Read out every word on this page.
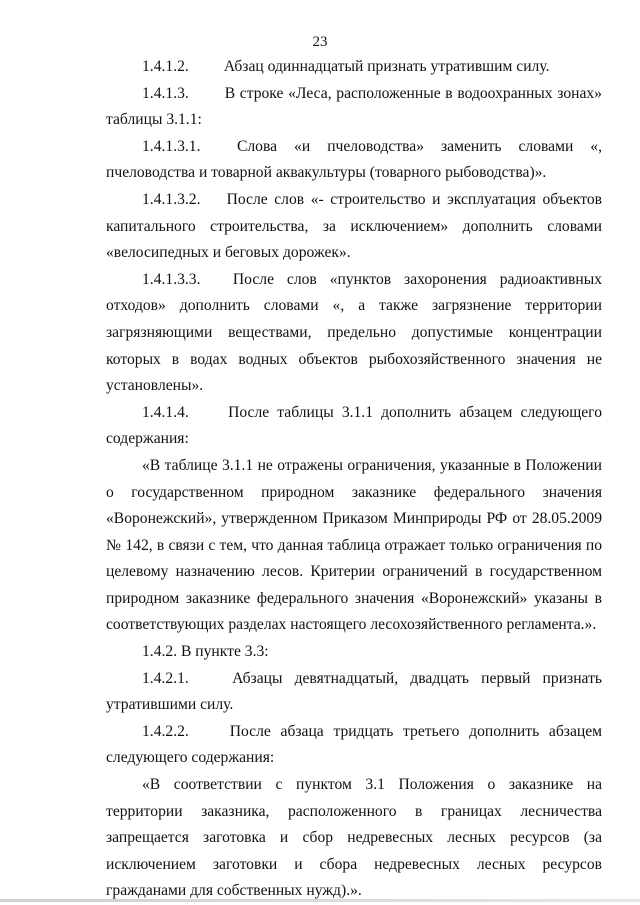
23

1.4.1.2. Абзац одиннадцатый признать утратившим силу.

1.4.1.3. В строке «Леса, расположенные в водоохранных зонах» таблицы 3.1.1:

1.4.1.3.1. Слова «и пчеловодства» заменить словами «, пчеловодства и товарной аквакультуры (товарного рыбоводства)».

1.4.1.3.2. После слов «- строительство и эксплуатация объектов капитального строительства, за исключением» дополнить словами «велосипедных и беговых дорожек».

1.4.1.3.3. После слов «пунктов захоронения радиоактивных отходов» дополнить словами «, а также загрязнение территории загрязняющими веществами, предельно допустимые концентрации которых в водах водных объектов рыбохозяйственного значения не установлены».

1.4.1.4.	После таблицы 3.1.1 дополнить абзацем следующего содержания:

«В таблице 3.1.1 не отражены ограничения, указанные в Положении о государственном природном заказнике федерального значения «Воронежский», утвержденном Приказом Минприроды РФ от 28.05.2009 № 142, в связи с тем, что данная таблица отражает только ограничения по целевому назначению лесов. Критерии ограничений в государственном природном заказнике федерального значения «Воронежский» указаны в соответствующих разделах настоящего лесохозяйственного регламента.».

1.4.2. В пункте 3.3:

1.4.2.1.	Абзацы девятнадцатый, двадцать первый признать утратившими силу.

1.4.2.2.	После абзаца тридцать третьего дополнить абзацем следующего содержания:

«В соответствии с пунктом 3.1 Положения о заказнике на территории заказника, расположенного в границах лесничества запрещается заготовка и сбор недревесных лесных ресурсов (за исключением заготовки и сбора недревесных лесных ресурсов гражданами для собственных нужд).».
